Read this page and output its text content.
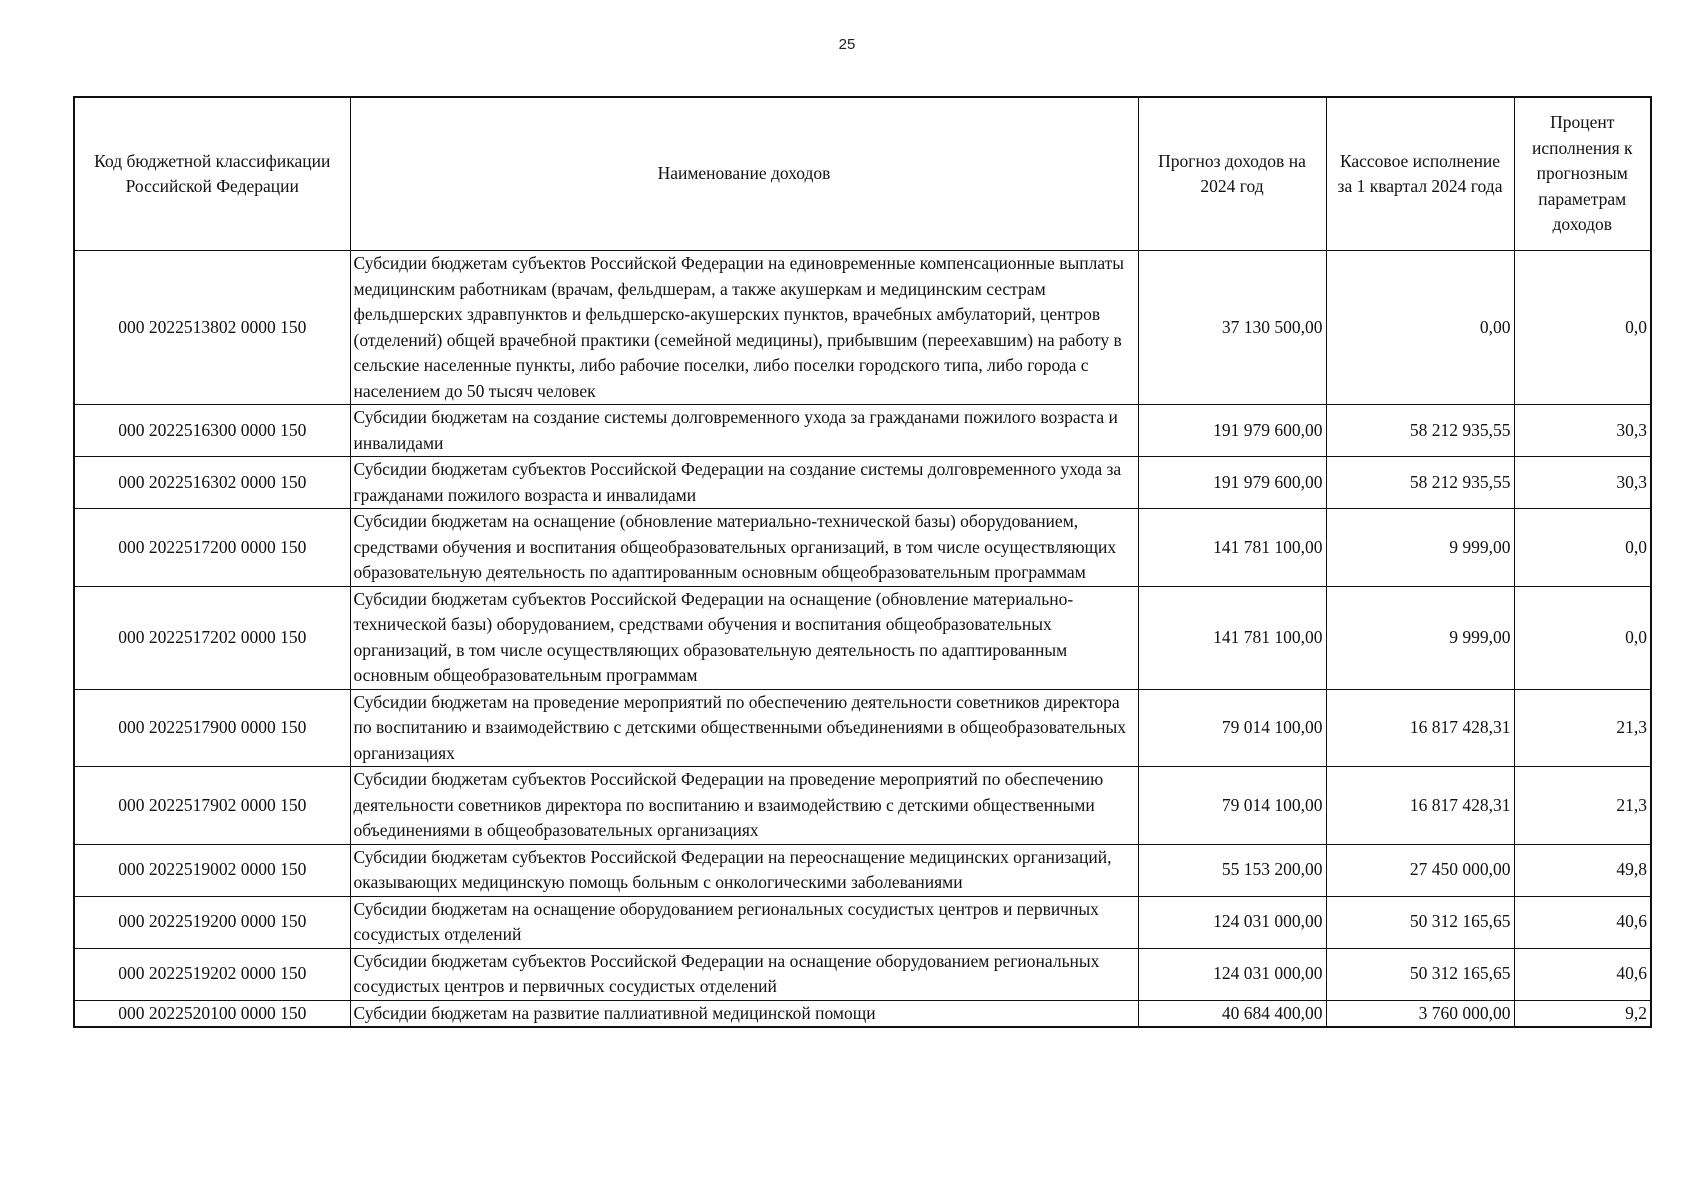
25
Код бюджетной классификации Российской Федерации	Наименование доходов	Прогноз доходов на 2024 год	Кассовое исполнение за 1 квартал 2024 года	Процент исполнения к прогнозным параметрам доходов
000 2022513802 0000 150	Субсидии бюджетам субъектов Российской Федерации на единовременные компенсационные выплаты медицинским работникам (врачам, фельдшерам, а также акушеркам и медицинским сестрам фельдшерских здравпунктов и фельдшерско-акушерских пунктов, врачебных амбулаторий, центров (отделений) общей врачебной практики (семейной медицины), прибывшим (переехавшим) на работу в сельские населенные пункты, либо рабочие поселки, либо поселки городского типа, либо города с населением до 50 тысяч человек	37 130 500,00	0,00	0,0
000 2022516300 0000 150	Субсидии бюджетам на создание системы долговременного ухода за гражданами пожилого возраста и инвалидами	191 979 600,00	58 212 935,55	30,3
000 2022516302 0000 150	Субсидии бюджетам субъектов Российской Федерации на создание системы долговременного ухода за гражданами пожилого возраста и инвалидами	191 979 600,00	58 212 935,55	30,3
000 2022517200 0000 150	Субсидии бюджетам на оснащение (обновление материально-технической базы) оборудованием, средствами обучения и воспитания общеобразовательных организаций, в том числе осуществляющих образовательную деятельность по адаптированным основным общеобразовательным программам	141 781 100,00	9 999,00	0,0
000 2022517202 0000 150	Субсидии бюджетам субъектов Российской Федерации на оснащение (обновление материально-технической базы) оборудованием, средствами обучения и воспитания общеобразовательных организаций, в том числе осуществляющих образовательную деятельность по адаптированным основным общеобразовательным программам	141 781 100,00	9 999,00	0,0
000 2022517900 0000 150	Субсидии бюджетам на проведение мероприятий по обеспечению деятельности советников директора по воспитанию и взаимодействию с детскими общественными объединениями в общеобразовательных организациях	79 014 100,00	16 817 428,31	21,3
000 2022517902 0000 150	Субсидии бюджетам субъектов Российской Федерации на проведение мероприятий по обеспечению деятельности советников директора по воспитанию и взаимодействию с детскими общественными объединениями в общеобразовательных организациях	79 014 100,00	16 817 428,31	21,3
000 2022519002 0000 150	Субсидии бюджетам субъектов Российской Федерации на переоснащение медицинских организаций, оказывающих медицинскую помощь больным с онкологическими заболеваниями	55 153 200,00	27 450 000,00	49,8
000 2022519200 0000 150	Субсидии бюджетам на оснащение оборудованием региональных сосудистых центров и первичных сосудистых отделений	124 031 000,00	50 312 165,65	40,6
000 2022519202 0000 150	Субсидии бюджетам субъектов Российской Федерации на оснащение оборудованием региональных сосудистых центров и первичных сосудистых отделений	124 031 000,00	50 312 165,65	40,6
000 2022520100 0000 150	Субсидии бюджетам на развитие паллиативной медицинской помощи	40 684 400,00	3 760 000,00	9,2
